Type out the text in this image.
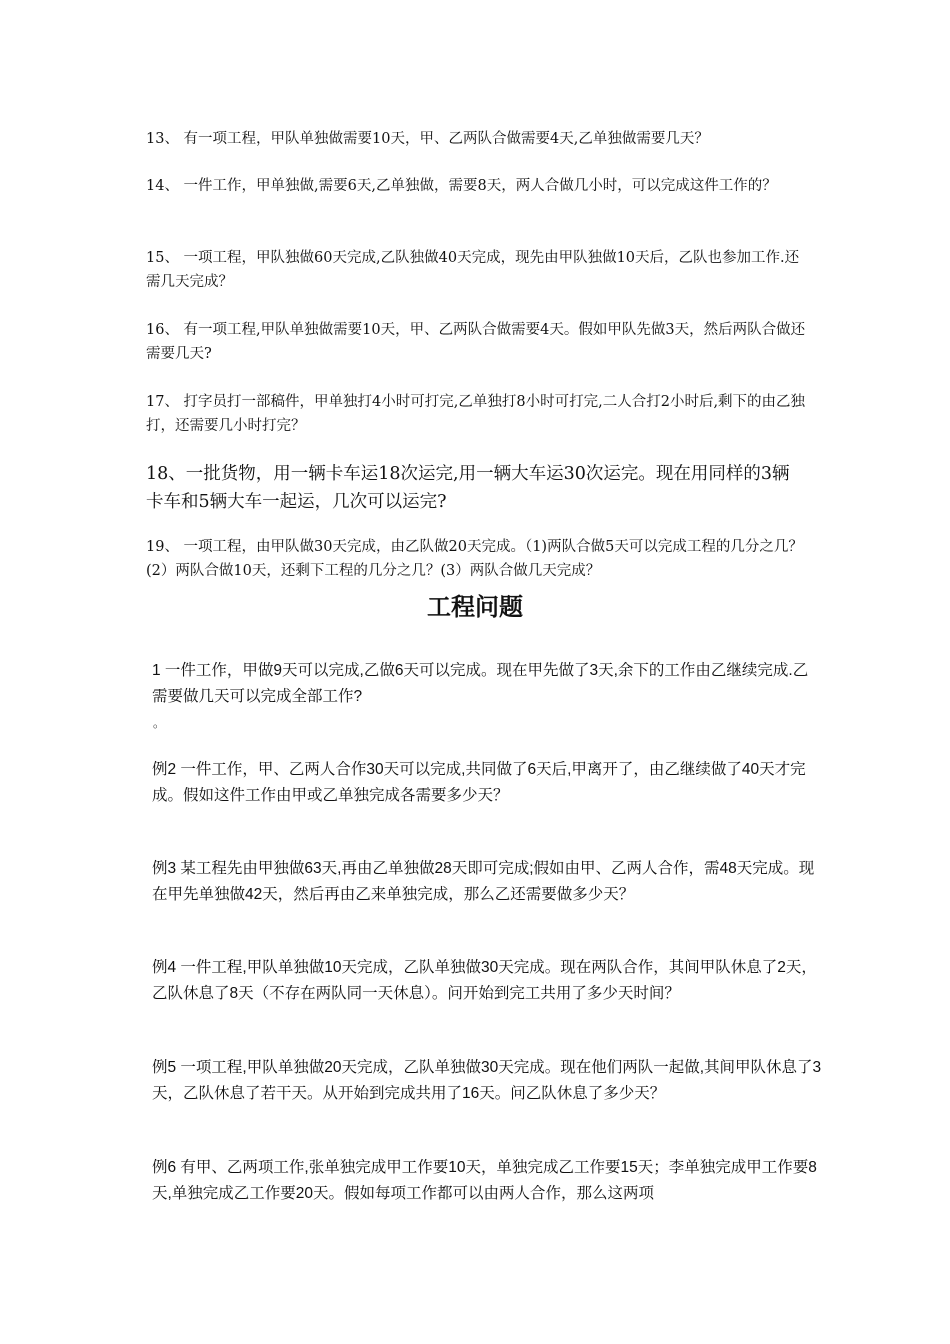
13、 有一项工程，甲队单独做需要10天，甲、乙两队合做需要4天,乙单独做需要几天？
14、 一件工作，甲单独做,需要6天,乙单独做，需要8天，两人合做几小时，可以完成这件工作的？
15、 一项工程，甲队独做60天完成,乙队独做40天完成，现先由甲队独做10天后，乙队也参加工作.还需几天完成？
16、 有一项工程,甲队单独做需要10天，甲、乙两队合做需要4天。假如甲队先做3天，然后两队合做还需要几天?
17、 打字员打一部稿件，甲单独打4小时可打完,乙单独打8小时可打完,二人合打2小时后,剩下的由乙独打，还需要几小时打完？
18、一批货物，用一辆卡车运18次运完,用一辆大车运30次运完。现在用同样的3辆卡车和5辆大车一起运，几次可以运完?
19、 一项工程，由甲队做30天完成，由乙队做20天完成。（1)两队合做5天可以完成工程的几分之几？(2）两队合做10天，还剩下工程的几分之几？(3）两队合做几天完成？
工程问题
1 一件工作，甲做9天可以完成,乙做6天可以完成。现在甲先做了3天,余下的工作由乙继续完成.乙需要做几天可以完成全部工作?
。
例2 一件工作，甲、乙两人合作30天可以完成,共同做了6天后,甲离开了，由乙继续做了40天才完成。假如这件工作由甲或乙单独完成各需要多少天？
例3 某工程先由甲独做63天,再由乙单独做28天即可完成;假如由甲、乙两人合作，需48天完成。现在甲先单独做42天，然后再由乙来单独完成，那么乙还需要做多少天？
例4 一件工程,甲队单独做10天完成，乙队单独做30天完成。现在两队合作，其间甲队休息了2天，乙队休息了8天（不存在两队同一天休息）。问开始到完工共用了多少天时间？
例5 一项工程,甲队单独做20天完成，乙队单独做30天完成。现在他们两队一起做,其间甲队休息了3天，乙队休息了若干天。从开始到完成共用了16天。问乙队休息了多少天？
例6 有甲、乙两项工作,张单独完成甲工作要10天，单独完成乙工作要15天；李单独完成甲工作要8天,单独完成乙工作要20天。假如每项工作都可以由两人合作，那么这两项
